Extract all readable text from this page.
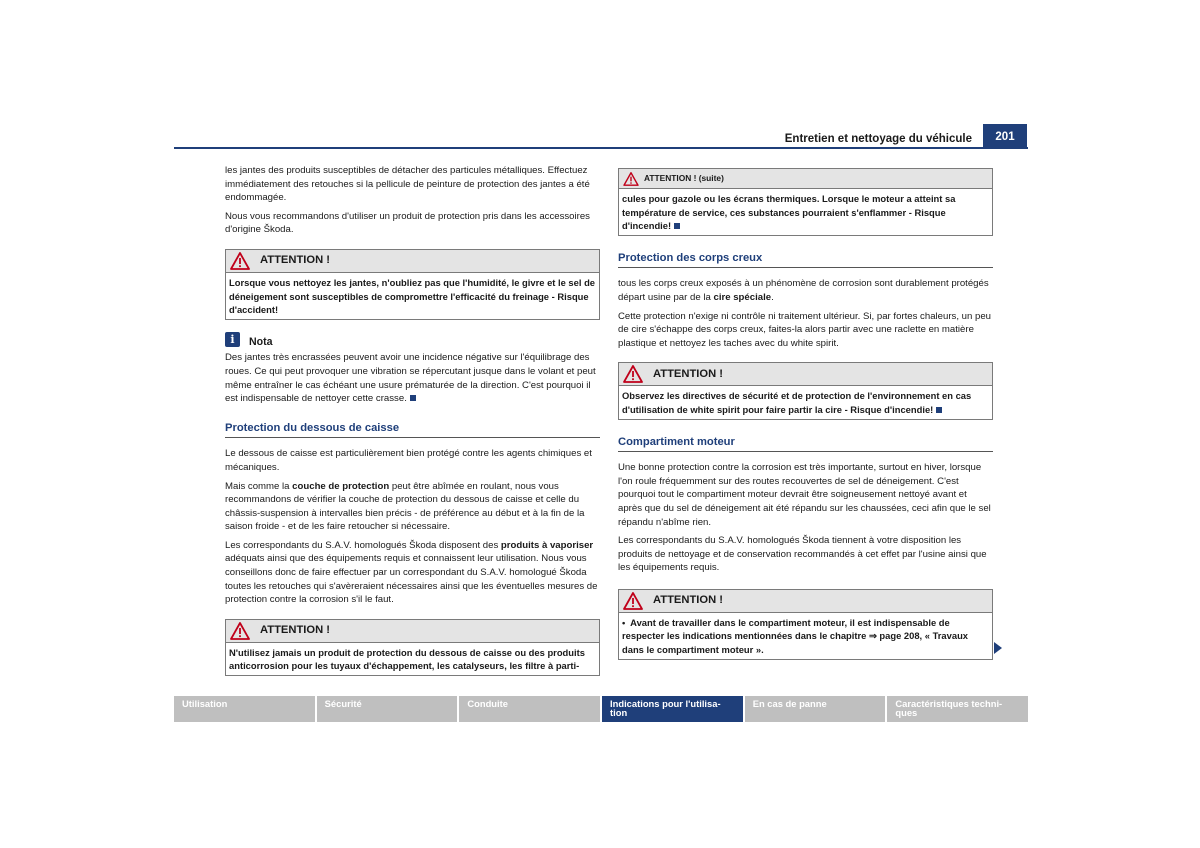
Entretien et nettoyage du véhicule	201

les jantes des produits susceptibles de détacher des particules métalliques. Effectuez immédiatement des retouches si la pellicule de peinture de protection des jantes a été endommagée.

Nous vous recommandons d'utiliser un produit de protection pris dans les accessoires d'origine Škoda.

ATTENTION !
Lorsque vous nettoyez les jantes, n'oubliez pas que l'humidité, le givre et le sel de déneigement sont susceptibles de compromettre l'efficacité du freinage - Risque d'accident!
i	Nota

Des jantes très encrassées peuvent avoir une incidence négative sur l'équilibrage des roues. Ce qui peut provoquer une vibration se répercutant jusque dans le volant et peut même entraîner le cas échéant une usure prématurée de la direction. C'est pourquoi il est indispensable de nettoyer cette crasse.

Protection du dessous de caisse

Le dessous de caisse est particulièrement bien protégé contre les agents chimiques et mécaniques.

Mais comme la couche de protection peut être abîmée en roulant, nous vous recommandons de vérifier la couche de protection du dessous de caisse et celle du châssis-suspension à intervalles bien précis - de préférence au début et à la fin de la saison froide - et de les faire retoucher si nécessaire.

Les correspondants du S.A.V. homologués Škoda disposent des produits à vaporiser adéquats ainsi que des équipements requis et connaissent leur utilisation. Nous vous conseillons donc de faire effectuer par un correspondant du S.A.V. homologué Škoda toutes les retouches qui s'avèreraient nécessaires ainsi que les éventuelles mesures de protection contre la corrosion s'il le faut.

ATTENTION !
N'utilisez jamais un produit de protection du dessous de caisse ou des produits anticorrosion pour les tuyaux d'échappement, les catalyseurs, les filtre à parti-
ATTENTION ! (suite)
cules pour gazole ou les écrans thermiques. Lorsque le moteur a atteint sa température de service, ces substances pourraient s'enflammer - Risque d'incendie!
Protection des corps creux

tous les corps creux exposés à un phénomène de corrosion sont durablement protégés départ usine par de la cire spéciale.

Cette protection n'exige ni contrôle ni traitement ultérieur. Si, par fortes chaleurs, un peu de cire s'échappe des corps creux, faites-la alors partir avec une raclette en matière plastique et nettoyez les taches avec du white spirit.

ATTENTION !
Observez les directives de sécurité et de protection de l'environnement en cas d'utilisation de white spirit pour faire partir la cire - Risque d'incendie!
Compartiment moteur

Une bonne protection contre la corrosion est très importante, surtout en hiver, lorsque l'on roule fréquemment sur des routes recouvertes de sel de déneigement. C'est pourquoi tout le compartiment moteur devrait être soigneusement nettoyé avant et après que du sel de déneigement ait été répandu sur les chaussées, ceci afin que le sel répandu n'abîme rien.

Les correspondants du S.A.V. homologués Škoda tiennent à votre disposition les produits de nettoyage et de conservation recommandés à cet effet par l'usine ainsi que les équipements requis.

ATTENTION !
• Avant de travailler dans le compartiment moteur, il est indispensable de respecter les indications mentionnées dans le chapitre ⇒ page 208, « Travaux dans le compartiment moteur ».
Utilisation	Sécurité	Conduite	Indications pour l'utilisa-
tion
En cas de panne	Caractéristiques techni-
ques
